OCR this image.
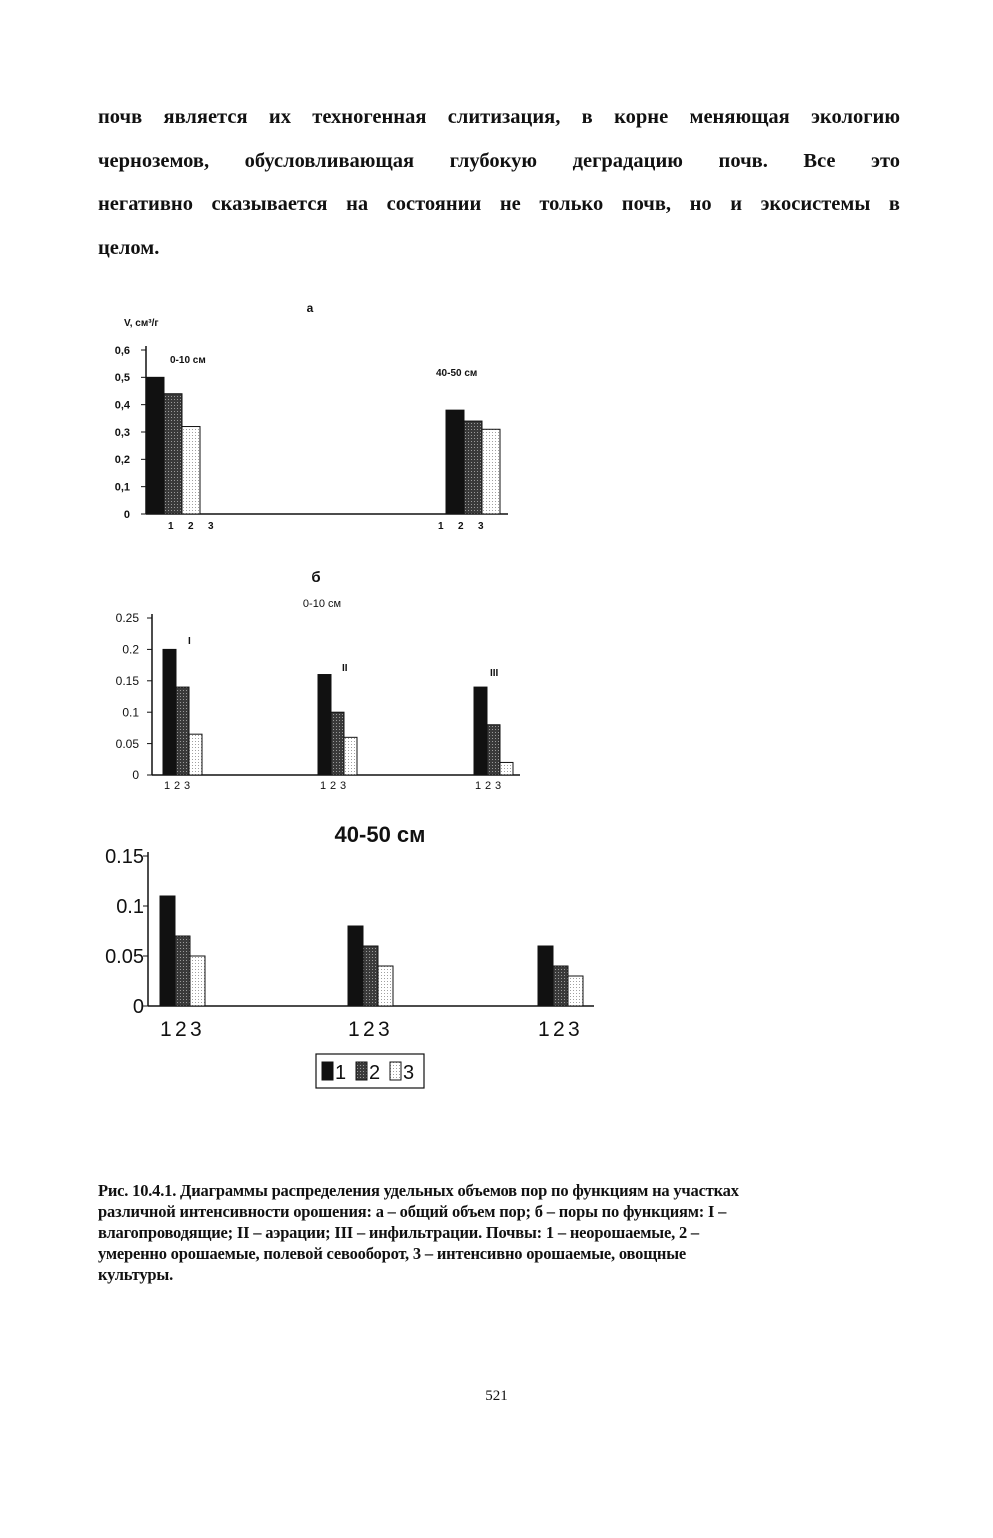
почв является их техногенная слитизация, в корне меняющая экологию
черноземов, обусловливающая глубокую деградацию почв. Все это
негативно сказывается на состоянии не только почв, но и экосистемы в
целом.
0
0,1
0,2
0,3
0,4
0,5
0,6
а
V, см³/г
0-10 см
1 2 3
40-50 см
1 2 3
0
0.05
0.1
0.15
0.2
0.25
б
0-10 см
I
1 2 3
II
1 2 3
III
1 2 3
0
0.05
0.1
0.15
40-50 см
1 2 3	1 2 3	1 2 3
1 2 3
Рис. 10.4.1. Диаграммы распределения удельных объемов пор по функциям на участках
различной интенсивности орошения: а – общий объем пор; б – поры по функциям: I –
влагопроводящие; II – аэрации; III – инфильтрации. Почвы: 1 – неорошаемые, 2 –
умеренно орошаемые, полевой севооборот, 3 – интенсивно орошаемые, овощные
культуры.
521
